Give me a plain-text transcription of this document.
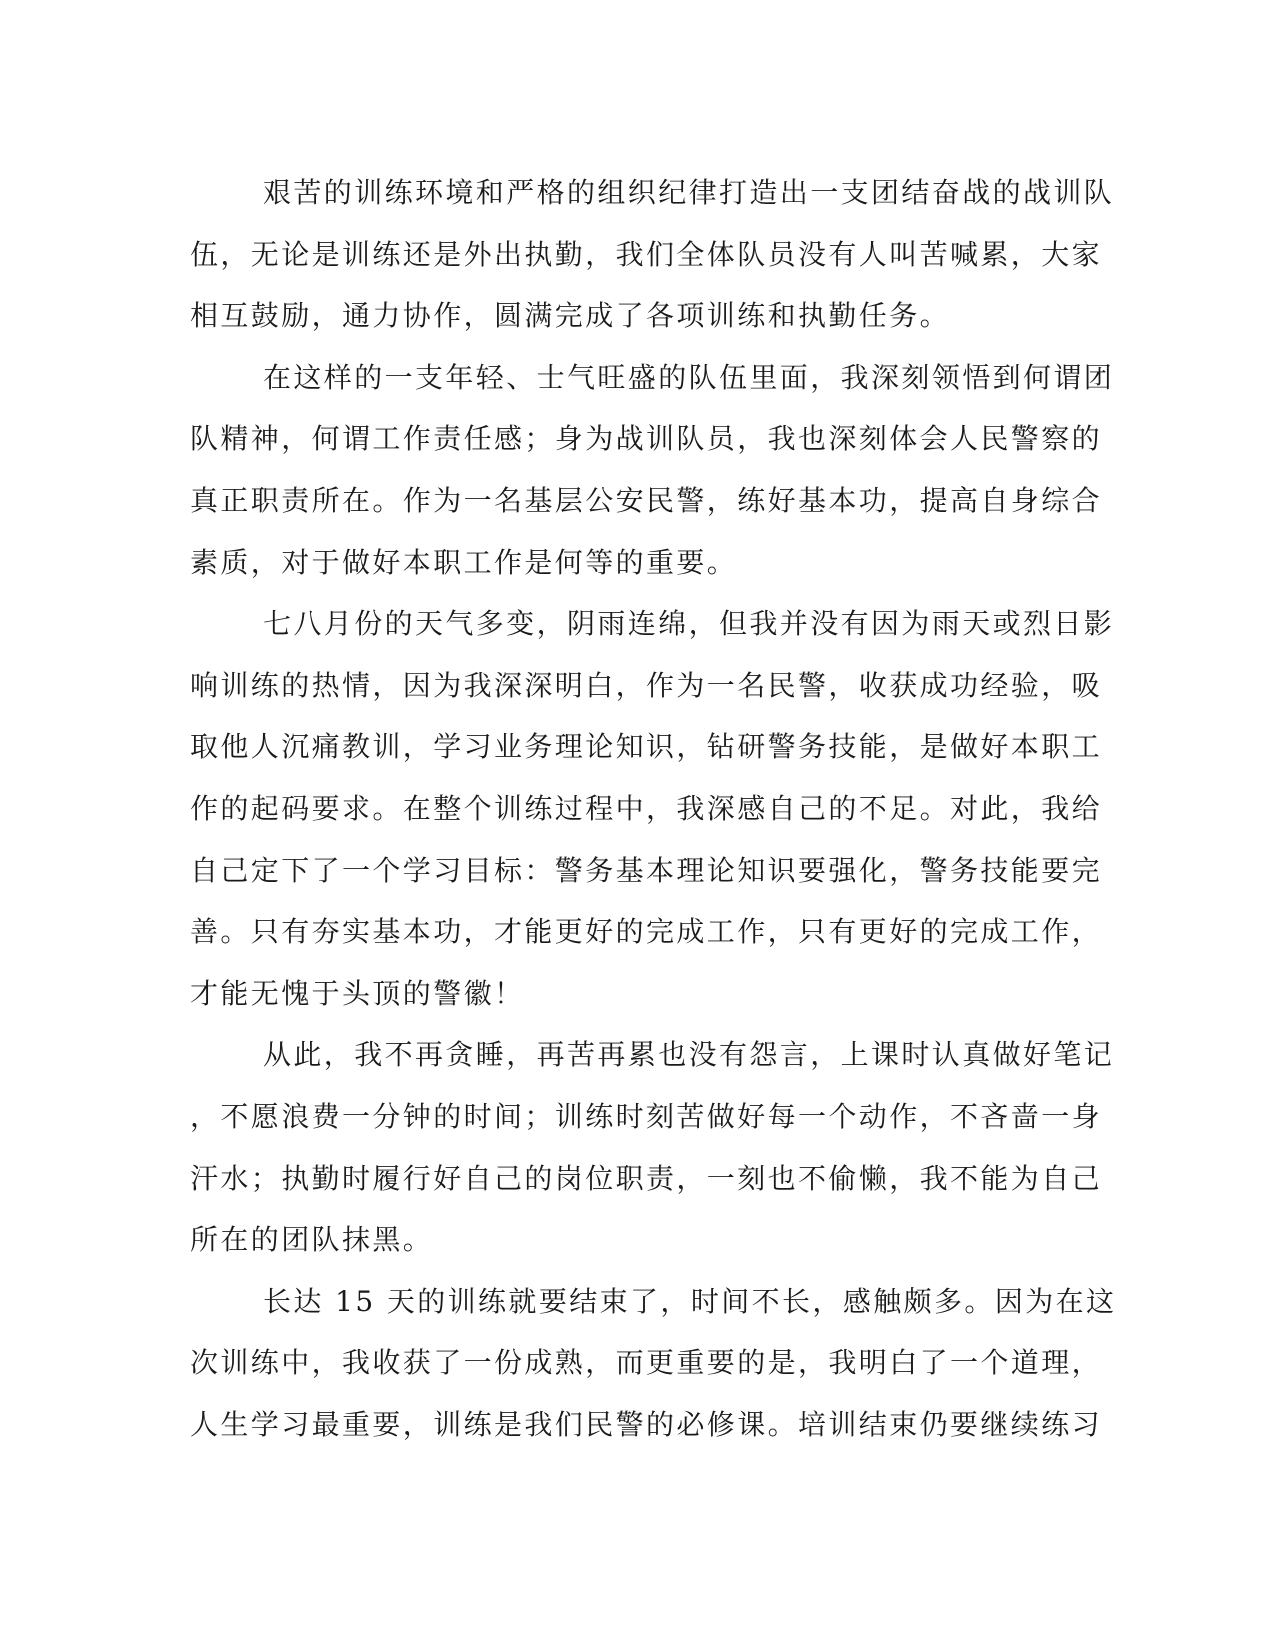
艰苦的训练环境和严格的组织纪律打造出一支团结奋战的战训队
伍，无论是训练还是外出执勤，我们全体队员没有人叫苦喊累，大家
相互鼓励，通力协作，圆满完成了各项训练和执勤任务。
在这样的一支年轻、士气旺盛的队伍里面，我深刻领悟到何谓团
队精神，何谓工作责任感；身为战训队员，我也深刻体会人民警察的
真正职责所在。作为一名基层公安民警，练好基本功，提高自身综合
素质，对于做好本职工作是何等的重要。
七八月份的天气多变，阴雨连绵，但我并没有因为雨天或烈日影
响训练的热情，因为我深深明白，作为一名民警，收获成功经验，吸
取他人沉痛教训，学习业务理论知识，钻研警务技能，是做好本职工
作的起码要求。在整个训练过程中，我深感自己的不足。对此，我给
自己定下了一个学习目标：警务基本理论知识要强化，警务技能要完
善。只有夯实基本功，才能更好的完成工作，只有更好的完成工作，
才能无愧于头顶的警徽！
从此，我不再贪睡，再苦再累也没有怨言，上课时认真做好笔记
，不愿浪费一分钟的时间；训练时刻苦做好每一个动作，不吝啬一身
汗水；执勤时履行好自己的岗位职责，一刻也不偷懒，我不能为自己
所在的团队抹黑。
长达 15 天的训练就要结束了，时间不长，感触颇多。因为在这
次训练中，我收获了一份成熟，而更重要的是，我明白了一个道理，
人生学习最重要，训练是我们民警的必修课。培训结束仍要继续练习
